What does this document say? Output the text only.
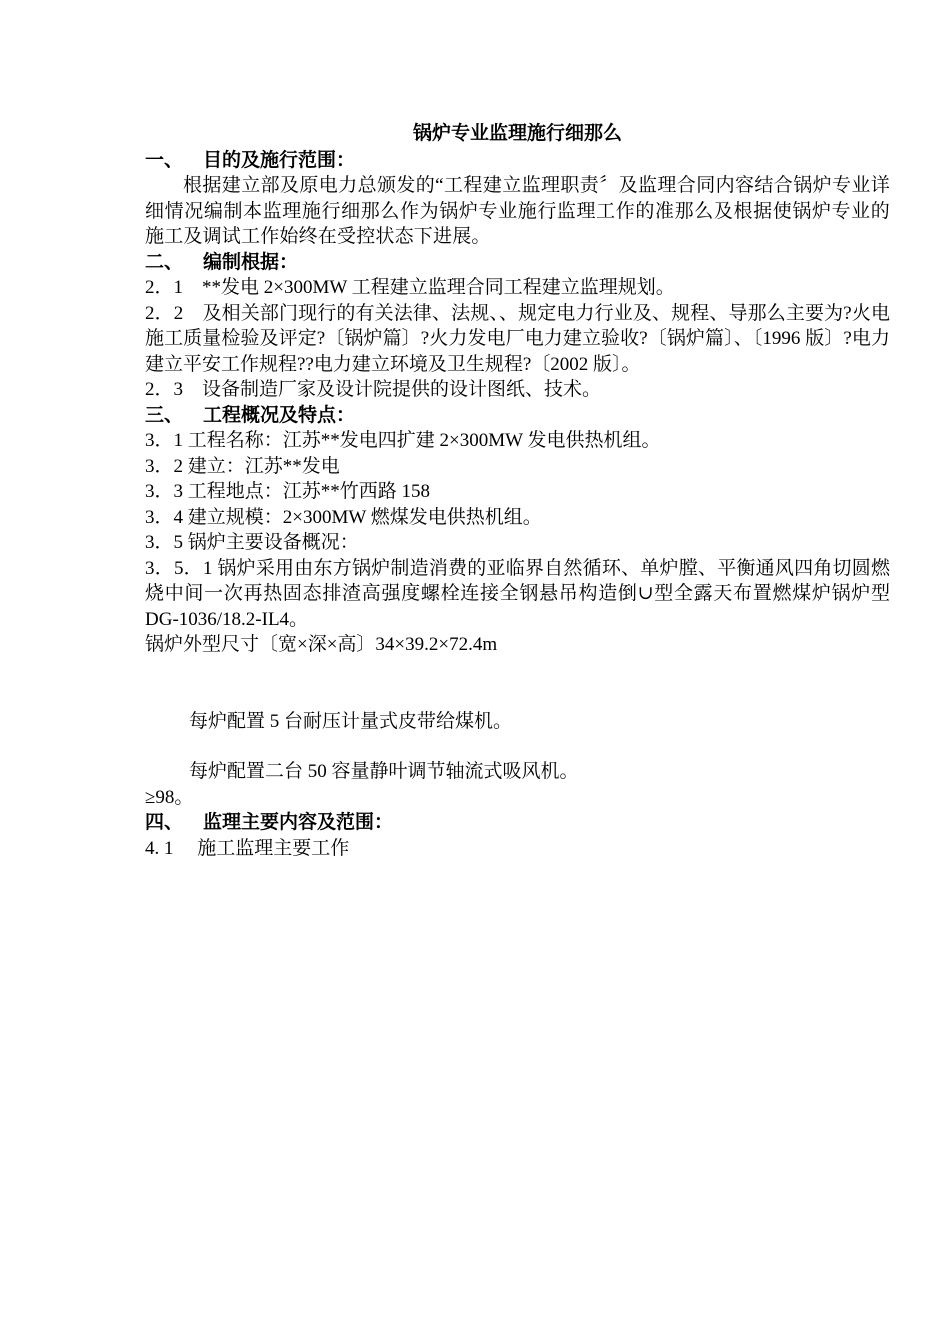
锅炉专业监理施行细那么
一、 目的及施行范围：
根据建立部及原电力总颁发的“工程建立监理职责〞及监理合同内容结合锅炉专业详细情况编制本监理施行细那么作为锅炉专业施行监理工作的准那么及根据使锅炉专业的施工及调试工作始终在受控状态下进展。
二、 编制根据：
2．1　**发电 2×300MW 工程建立监理合同工程建立监理规划。
2．2　及相关部门现行的有关法律、法规、、规定电力行业及、规程、导那么主要为?火电施工质量检验及评定?〔锅炉篇〕?火力发电厂电力建立验收?〔锅炉篇〕、〔1996 版〕?电力建立平安工作规程??电力建立环境及卫生规程?〔2002 版〕。
2．3　设备制造厂家及设计院提供的设计图纸、技术。
三、 工程概况及特点：
3．1 工程名称：江苏**发电四扩建 2×300MW 发电供热机组。
3．2 建立：江苏**发电
3．3 工程地点：江苏**竹西路 158
3．4 建立规模：2×300MW 燃煤发电供热机组。
3．5 锅炉主要设备概况：
3．5．1 锅炉采用由东方锅炉制造消费的亚临界自然循环、单炉膛、平衡通风四角切圆燃烧中间一次再热固态排渣高强度螺栓连接全钢悬吊构造倒∪型全露天布置燃煤炉锅炉型 DG-1036/18.2-IL4。
锅炉外型尺寸〔宽×深×高〕34×39.2×72.4m
每炉配置 5 台耐压计量式皮带给煤机。
每炉配置二台 50 容量静叶调节轴流式吸风机。
≥98。
四、 监理主要内容及范围：
4. 1　 施工监理主要工作
